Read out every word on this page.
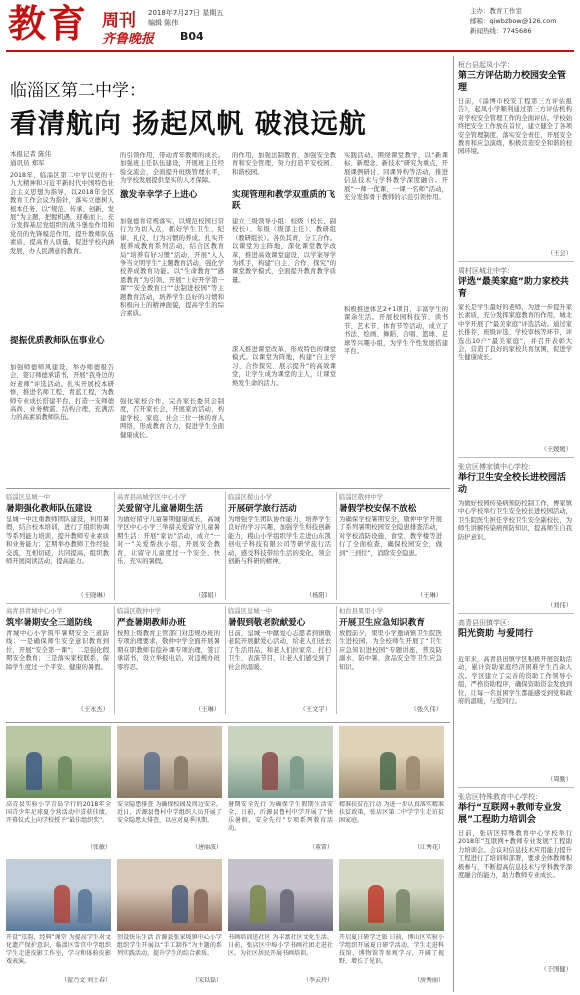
教育 周刊 2018年7月27日 星期五
编辑 陈伟
齐鲁晚报 B04
主办：教育工作室
邮箱：qiwbzbow@126.com
新闻热线：7745686
临淄区第二中学：
看清航向 扬起风帆 破浪远航
本报记者 陈伟
通讯员 郑军
2018年，临淄区第二中学以党的十九大精神和习近平新时代中国特色社会主义思想为指导，以2018年全区教育工作会议为指针，落实立德树人根本任务，以“规范、传承、创新、发展”为主题，把握机遇，迎难而上，充分发挥基层党组织的战斗堡垒作用和党员的先锋模范作用，提升教师队伍素质，提高育人质量，促进学校内涵发展，办人民满意的教育。
提振优质教师队伍事业心
加强师德师风建设，举办师德报告会、签订师德承诺书，开展“我身边的好老师”评选活动。扎实开展校本研修，推进名师工程、青蓝工程，为教师专业成长搭建平台，打造一支师德高尚、业务精湛、结构合理、充满活力的高素质教师队伍。
的引领作用，带动青年教师的成长。加强班主任队伍建设，开展班主任经验交流会，全面提升班级管理水平，为学校发展提供坚实的人才保障。
激发幸幸学子上进心
加强德育常规落实，以规范校园日常行为为切入点，抓好学生卫生、纪律、礼仪、行为习惯的养成。扎实开展养成教育系列活动，结合区教育局“培养有好习惯”活动，开展“人人争当文明学生”主题教育活动，强化学校养成教育功能。以“生命教育”“感恩教育”为引领，开展“上好开学第一课”“安全教育日”“法制进校园”等主题教育活动，培养学生良好的习惯和积极向上的精神面貌，提高学生的综合素质。
强化家校合作，完善家长委员会制度，召开家长会，开展家访活动，构建学校、家庭、社会三位一体的育人网络，形成教育合力，促进学生全面健康成长。
的作用，加强法制教育，加强安全教育和安全管理，努力打造平安校园、和谐校园。
实现管理和教学双重质的飞跃
建立三级领导小组：校级（校长、副校长）、年级（级部主任）、教研组（教研组长）。各负其责，分工合作。以课堂为主阵地，深化课堂教学改革，推进高效课堂建设，以学案导学为抓手，构建“自主、合作、探究”的课堂教学模式，全面提升教育教学质量。
深入推进课堂改革，形成特色的课堂模式。以课堂为阵地，构建“自主学习、合作探究、展示提升”的高效课堂，让学生成为课堂的主人，让课堂焕发生命的活力。
实践活动。围绕课堂教学，以“新课标、新理念、新技术”研究为重点，开展课例研讨、同课异构等活动，推进信息技术与学科教学深度融合。开展“一师一优课、一课一名师”活动，充分发挥骨干教师的示范引领作用。
积极推进体艺2+1项目，丰富学生的课余生活。开展校园科技节、读书节、艺术节、体育节等活动，成立了书法、绘画、舞蹈、合唱、篮球、足球等兴趣小组，为学生个性发展搭建平台。
桓台县起凤小学：
第三方评估助力校园安全管理
日前，《淄博市校安工程第三方评估报告》，起凤小学顺利通过第三方评估机构对学校安全管理工作的全面评估。学校始终把安全工作放在首位，建立健全了各项安全管理制度，落实安全责任，开展安全教育和应急演练，积极营造安全和谐的校园环境。
（王会）
周村区城北中学：
评选“最美家庭”助力家校共育
家长是学生最好的老师，为进一步提升家长素质，充分发挥家庭教育的作用，城北中学开展了“最美家庭”评选活动。通过家长推荐、班级评选、学校审核等环节，评选出10户“最美家庭”，并召开表彰大会，营造了良好的家校共育氛围，促进学生健康成长。
（王媛媛）
张店区傅家镇中心学校：
举行卫生安全校长进校园活动
为做好校园传染病预防控制工作，傅家镇中心学校举行卫生安全校长进校园活动，卫生院医生担任学校卫生安全副校长，为师生讲解传染病预防知识，提高师生自我防护意识。
（刘伟）
高青县田镇学区：
阳光资助 与爱同行
近年来，高青县田镇学区积极开展资助活动，累计资助家庭经济困难学生百余人次。学区建立了完善的资助工作领导小组，严格资助程序，确保资助资金发放到位，让每一名贫困学生都能感受到党和政府的温暖，与爱同行。
（周勤）
张店区特殊教育中心学校：
举行“互联网+教师专业发展”工程助力培训会
日前，张店区特殊教育中心学校举行2018年“互联网+教师专业发展”工程助力培训会。会议对信息技术应用能力提升工程进行了培训和部署，要求全体教师积极参与，不断提高信息技术与学科教学深度融合的能力，助力教师专业成长。
（于国健）
临淄区皇城一中
暑期强化教师队伍建设
皇城一中注重教师团队建设，利用暑假，结合校本培训，进行了组织协调等系列能力培训，提升教师专业素质和业务能力；定期举办教师工作经验交流，互相切磋，共同提高，组织教师开展阅读活动，提高能力。
（王晓琳）
高青县高城学区中心小学
关爱留守儿童暑期生活
为做好留守儿童暑期健康成长，高城学区中心小学三举措关爱留守儿童暑期生活：开展“家访”活动，成立“一对一”关爱帮扶小组，开展安全教育，让留守儿童度过一个安全、快乐、充实的暑假。
（邵娟）
临淄区稷山小学
开展研学旅行活动
为增强学生团队协作能力，培养学生良好的学习兴趣，加强学生科技创新能力，稷山小学组织学生走进山东凯创电子科技有限公司等研学旅行活动，感受科技带给生活的变化，领会创新与科研的精神。
（杨阳）
临淄区敬仲中学
暑假学校安保不放松
为确保学校暑期安全，敬仲中学开展了系列暑期校园安全隐患排查活动，对学校消防设施、食堂、教学楼等进行了全面检查，确保校园安全，做到“三到位”，消除安全隐患。
（王琳）
高青县青城中心小学
筑牢暑期安全三道防线
青城中心小学筑牢暑期安全三道防线：一是确保师生安全意识教育到位，开展“安全第一课”；二是强化假期安全教育；三是落实家校联系，保障学生度过一个平安、健康的暑假。
（王永杰）
临淄区敬仲中学
严查暑期教师办班
按照上级教育主管部门对违规办班的专项治理要求，敬仲中学全面开展暑期在职教师有偿补课专项治理，签订承诺书，设立举报电话，对违规办班零容忍。
（王琳）
临淄区皇城一中
暑假到敬老院献爱心
日前，皇城一中献爱心志愿者到镇敬老院开展献爱心活动，给老人们送去了生活用品，和老人们拉家常、打扫卫生、表演节目，让老人们感受到了社会的温暖。
（王文宇）
桓台县果里小学
开展卫生应急知识教育
放假前夕，果里小学邀请镇卫生院医生进校园，为全校师生开展了“卫生应急知识进校园”专题讲座，普及防溺水、防中暑、食品安全等卫生应急知识。
（张久伟）
高青县实验小学青岛学行的2018年全国青少年足球夏令营活动中喜获佳绩，开幕仪式上向学校授予“最佳组织奖”。
（张敏）
安全隐患排查 为确保校园及周边安全，近日，沂源县鲁村中学组织人员开展了安全隐患大排查，以应对夏季汛期。
（唐丽波）
暑期安全先行 为确保学生假期生活安全，日前，沂源县鲁村中学开展了“快乐暑假，安全先行”专项系列教育活动。
（董雷）
精准扶贫在行动 为进一步认真落实精准扶贫政策，张店区第二中学学生走访贫困家庭。
（江秀花）
开设“京韵、经典”课堂 为提高学生对文化遗产保护意识，临淄区雪宫中学组织学生走进皮影工作室，学习和体验皮影戏表演。
（翟乃文 刘士春）
创设快乐生活 沂源县张家坡镇中心小学组织学生开展以“手工制作”为主题的系列实践活动，提升学生的综合素质。
（宋以磊）
书画培训送社区 为丰富社区文化生活，日前，张店区中埠小学书画社团走进社区，为社区居民开展书画培训。
（李云玲）
开启夏日研学之旅 日前，博山区实验小学组织开展夏日研学活动，学生走进科技馆、博物馆等参观学习，开阔了视野，增长了见识。
（房秀丽）
